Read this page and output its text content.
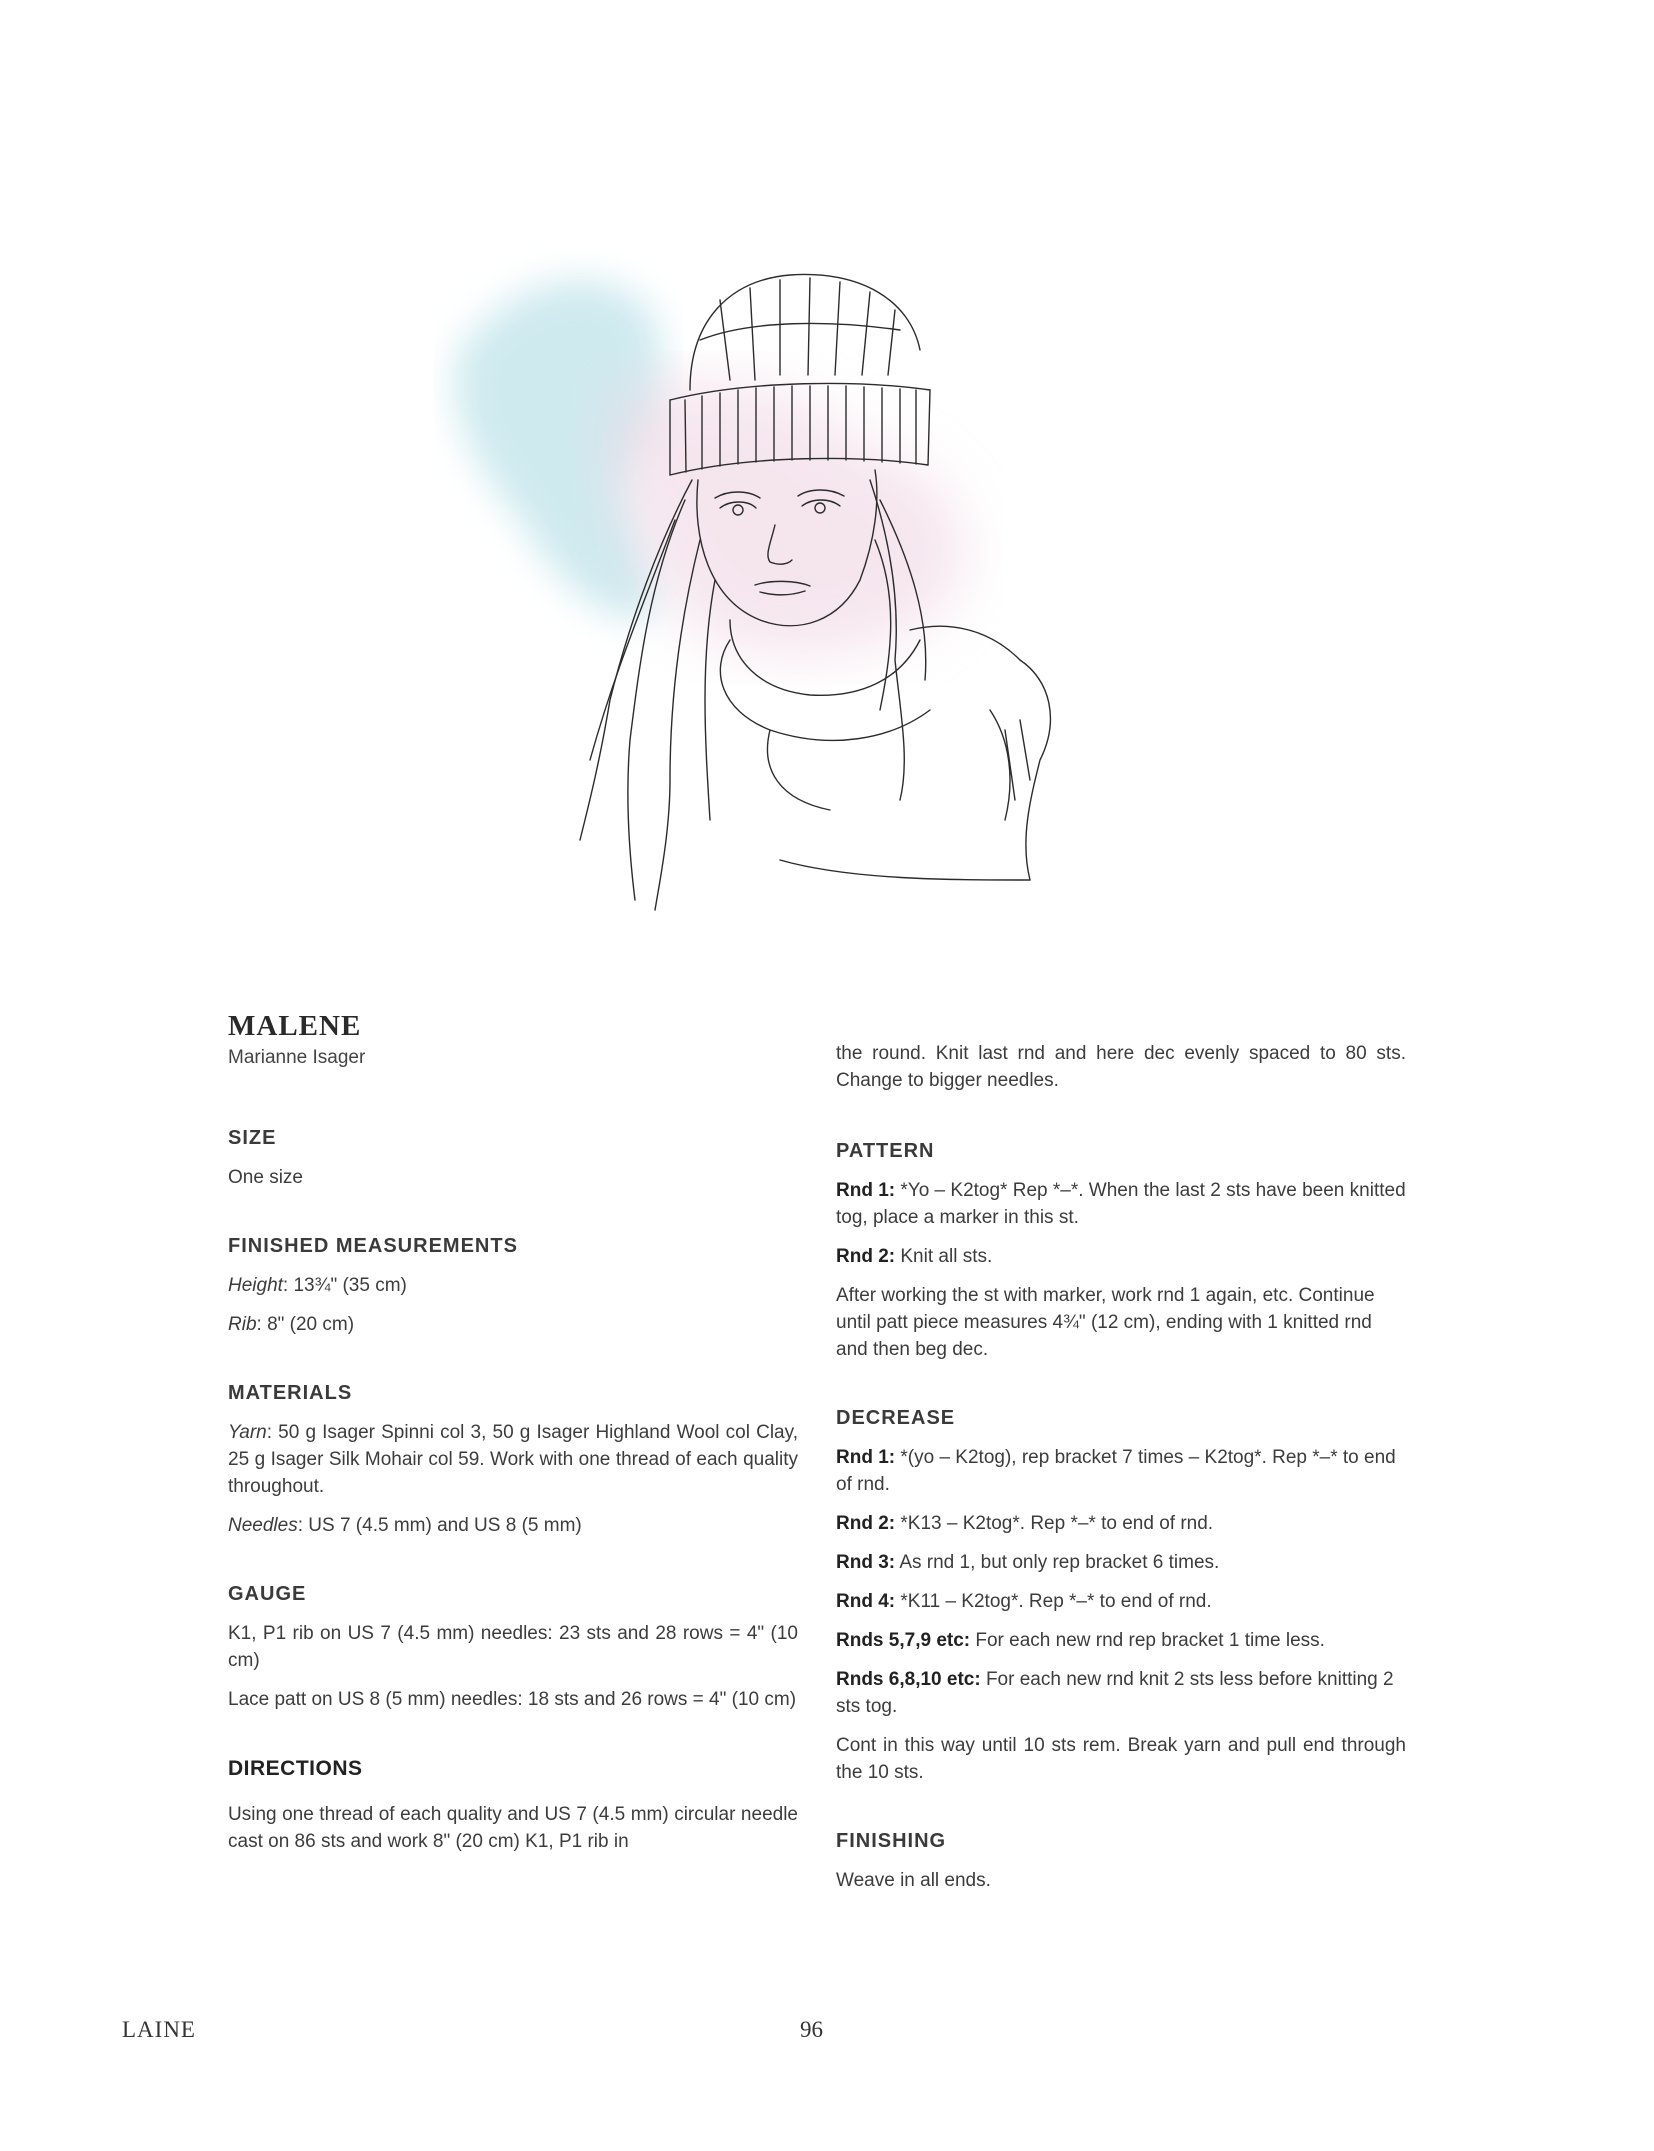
MALENE
Marianne Isager
SIZE

One size

FINISHED MEASUREMENTS

Height: 13¾" (35 cm)

Rib: 8" (20 cm)

MATERIALS

Yarn: 50 g Isager Spinni col 3, 50 g Isager Highland Wool col Clay, 25 g Isager Silk Mohair col 59. Work with one thread of each quality throughout.

Needles: US 7 (4.5 mm) and US 8 (5 mm)

GAUGE

K1, P1 rib on US 7 (4.5 mm) needles: 23 sts and 28 rows = 4" (10 cm)

Lace patt on US 8 (5 mm) needles: 18 sts and 26 rows = 4" (10 cm)

DIRECTIONS

Using one thread of each quality and US 7 (4.5 mm) circular needle cast on 86 sts and work 8" (20 cm) K1, P1 rib in

the round. Knit last rnd and here dec evenly spaced to 80 sts. Change to bigger needles.

PATTERN

Rnd 1: *Yo – K2tog* Rep *–*. When the last 2 sts have been knitted tog, place a marker in this st.

Rnd 2: Knit all sts.

After working the st with marker, work rnd 1 again, etc. Continue until patt piece measures 4¾" (12 cm), ending with 1 knitted rnd and then beg dec.

DECREASE

Rnd 1: *(yo – K2tog), rep bracket 7 times – K2tog*. Rep *–* to end of rnd.

Rnd 2: *K13 – K2tog*. Rep *–* to end of rnd.

Rnd 3: As rnd 1, but only rep bracket 6 times.

Rnd 4: *K11 – K2tog*. Rep *–* to end of rnd.

Rnds 5,7,9 etc: For each new rnd rep bracket 1 time less.

Rnds 6,8,10 etc: For each new rnd knit 2 sts less before knitting 2 sts tog.

Cont in this way until 10 sts rem. Break yarn and pull end through the 10 sts.

FINISHING

Weave in all ends.

LAINE	96
